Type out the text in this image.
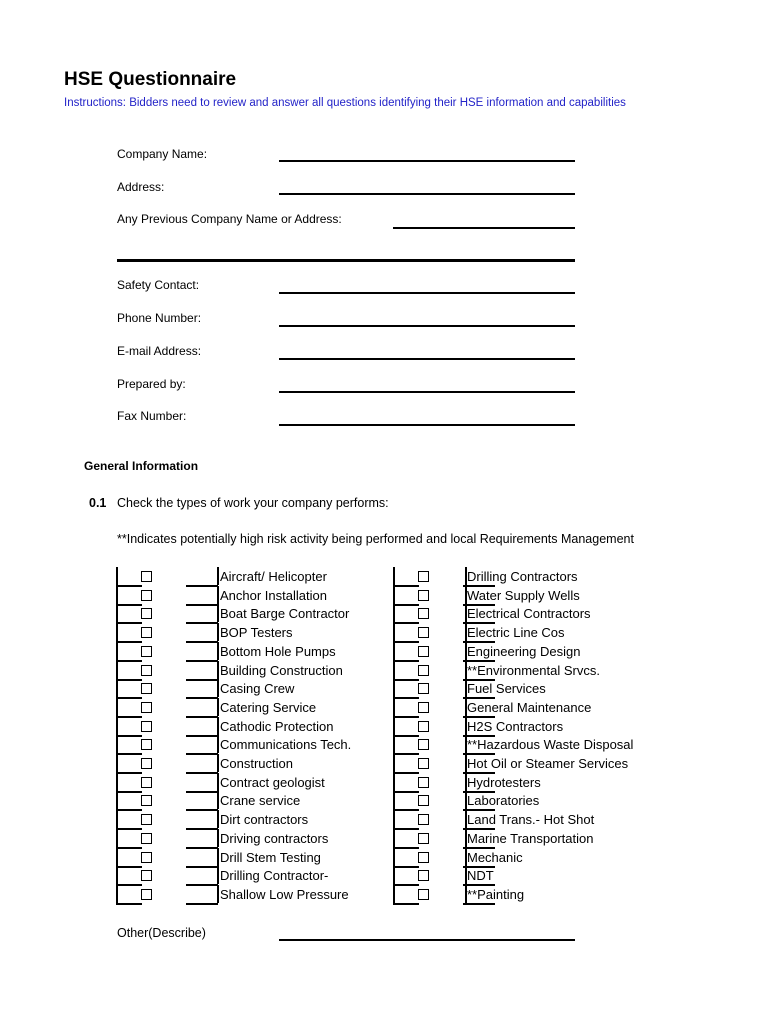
HSE Questionnaire
Instructions: Bidders need to review and answer all questions identifying their HSE information and capabilities
Company Name:
Address:
Any Previous Company Name or Address:
Safety Contact:
Phone Number:
E-mail Address:
Prepared by:
Fax Number:
General Information
0.1 Check the types of work your company performs:
**Indicates potentially high risk activity being performed and local Requirements Management
Aircraft/ Helicopter
Anchor Installation
Boat Barge Contractor
BOP Testers
Bottom Hole Pumps
Building Construction
Casing Crew
Catering Service
Cathodic Protection
Communications Tech.
Construction
Contract geologist
Crane service
Dirt contractors
Driving contractors
Drill Stem Testing
Drilling Contractor-
Shallow Low Pressure
Drilling Contractors
Water Supply Wells
Electrical Contractors
Electric Line Cos
Engineering Design
**Environmental Srvcs.
Fuel Services
General Maintenance
H2S Contractors
**Hazardous Waste Disposal
Hot Oil or Steamer Services
Hydrotesters
Laboratories
Land Trans.- Hot Shot
Marine Transportation
Mechanic
NDT
**Painting
Other(Describe)
